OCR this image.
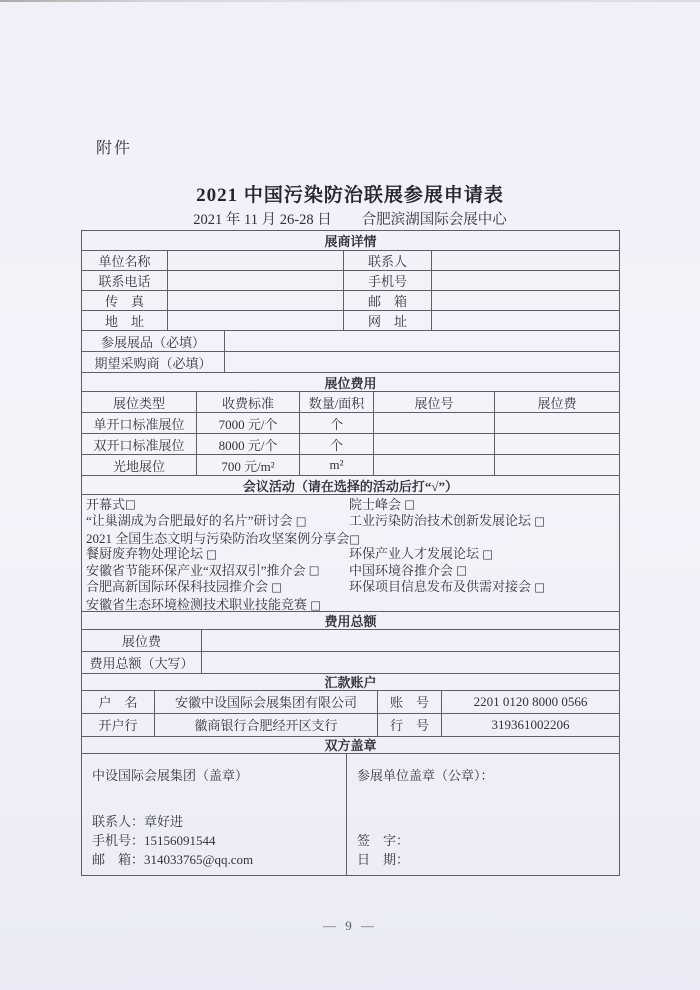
附件
2021 中国污染防治联展参展申请表
2021 年 11 月 26-28 日 合肥滨湖国际会展中心
展商详情
单位名称	联系人
联系电话	手机号
传　真	邮　箱
地　址	网　址
参展展品（必填）
期望采购商（必填）
展位费用
展位类型	收费标准	数量/面积	展位号	展位费
单开口标准展位	7000 元/个	个
双开口标准展位	8000 元/个	个
光地展位	700 元/m²	m²
会议活动（请在选择的活动后打“√”）
开幕式□	院士峰会 □
“让巢湖成为合肥最好的名片”研讨会 □	工业污染防治技术创新发展论坛 □
2021 全国生态文明与污染防治攻坚案例分享会□
餐厨废弃物处理论坛 □	环保产业人才发展论坛 □
安徽省节能环保产业“双招双引”推介会 □	中国环境谷推介会 □
合肥高新国际环保科技园推介会 □	环保项目信息发布及供需对接会 □
安徽省生态环境检测技术职业技能竞赛 □
费用总额
展位费
费用总额（大写）
汇款账户
户　名	安徽中设国际会展集团有限公司	账　号	2201 0120 8000 0566
开户行	徽商银行合肥经开区支行	行　号	319361002206
双方盖章
中设国际会展集团（盖章）
联系人：章好进
手机号：15156091544
邮　箱：314033765@qq.com
参展单位盖章（公章）：
签　字：
日　期：
— 9 —
